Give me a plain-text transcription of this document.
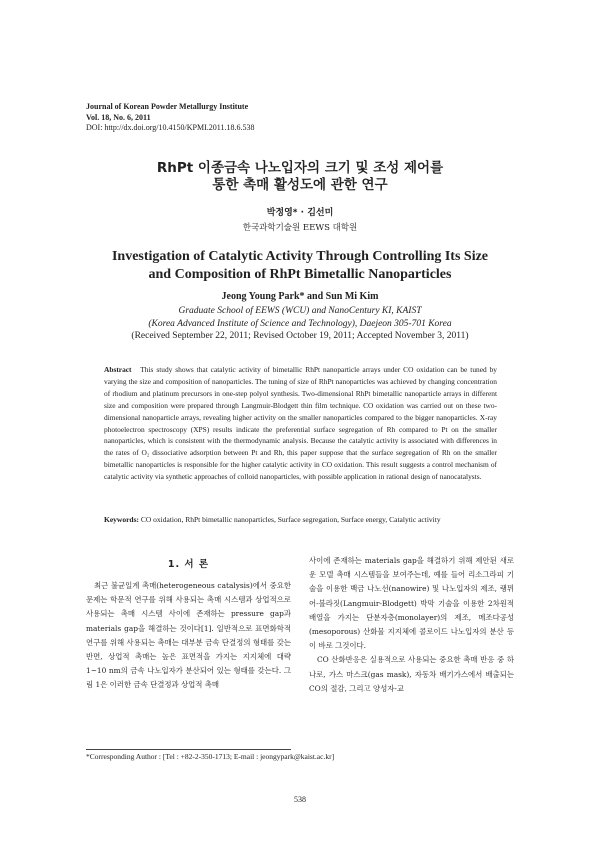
Journal of Korean Powder Metallurgy Institute
Vol. 18, No. 6, 2011
DOI: http://dx.doi.org/10.4150/KPMI.2011.18.6.538
RhPt 이종금속 나노입자의 크기 및 조성 제어를
통한 촉매 활성도에 관한 연구
박정영* · 김선미
한국과학기술원 EEWS 대학원
Investigation of Catalytic Activity Through Controlling Its Size
and Composition of RhPt Bimetallic Nanoparticles
Jeong Young Park* and Sun Mi Kim
Graduate School of EEWS (WCU) and NanoCentury KI, KAIST
(Korea Advanced Institute of Science and Technology), Daejeon 305-701 Korea
(Received September 22, 2011; Revised October 19, 2011; Accepted November 3, 2011)
Abstract This study shows that catalytic activity of bimetallic RhPt nanoparticle arrays under CO oxidation can be tuned by varying the size and composition of nanoparticles. The tuning of size of RhPt nanoparticles was achieved by changing concentration of rhodium and platinum precursors in one-step polyol synthesis. Two-dimensional RhPt bimetallic nanoparticle arrays in different size and composition were prepared through Langmuir-Blodgett thin film technique. CO oxidation was carried out on these two-dimensional nanoparticle arrays, revealing higher activity on the smaller nanoparticles compared to the bigger nanoparticles. X-ray photoelectron spectroscopy (XPS) results indicate the preferential surface segregation of Rh compared to Pt on the smaller nanoparticles, which is consistent with the thermodynamic analysis. Because the catalytic activity is associated with differences in the rates of O₂ dissociative adsorption between Pt and Rh, this paper suppose that the surface segregation of Rh on the smaller bimetallic nanoparticles is responsible for the higher catalytic activity in CO oxidation. This result suggests a control mechanism of catalytic activity via synthetic approaches of colloid nanoparticles, with possible application in rational design of nanocatalysts.
Keywords: CO oxidation, RhPt bimetallic nanoparticles, Surface segregation, Surface energy, Catalytic activity
1. 서 론

최근 불균일계 촉매(heterogeneous catalysis)에서 중요한 문제는 학문적 연구를 위해 사용되는 촉매 시스템과 상업적으로 사용되는 촉매 시스템 사이에 존재하는 pressure gap과 materials gap을 해결하는 것이다[1]. 일반적으로 표면화학적 연구를 위해 사용되는 촉매는 대부분 금속 단결정의 형태를 갖는 반면, 상업적 촉매는 높은 표면적을 가지는 지지체에 대략 1~10 nm의 금속 나노입자가 분산되어 있는 형태를 갖는다. 그림 1은 이러한 금속 단결정과 상업적 촉매

사이에 존재하는 materials gap을 해결하기 위해 제안된 새로운 모델 촉매 시스템들을 보여주는데, 예를 들어 리소그라피 기술을 이용한 백금 나노선(nanowire) 및 나노입자의 제조, 랭뮈어-블라짓(Langmuir-Blodgett) 박막 기술을 이용한 2차원적 배열을 가지는 단분자층(monolayer)의 제조, 메조다공성(mesoporous) 산화물 지지체에 콜로이드 나노입자의 분산 등이 바로 그것이다.

CO 산화반응은 실용적으로 사용되는 중요한 촉매 반응 중 하나로, 가스 마스크(gas mask), 자동차 배기가스에서 배출되는 CO의 절감, 그리고 양성자-교

*Corresponding Author : [Tel : +82-2-350-1713; E-mail : jeongypark@kaist.ac.kr]
538
